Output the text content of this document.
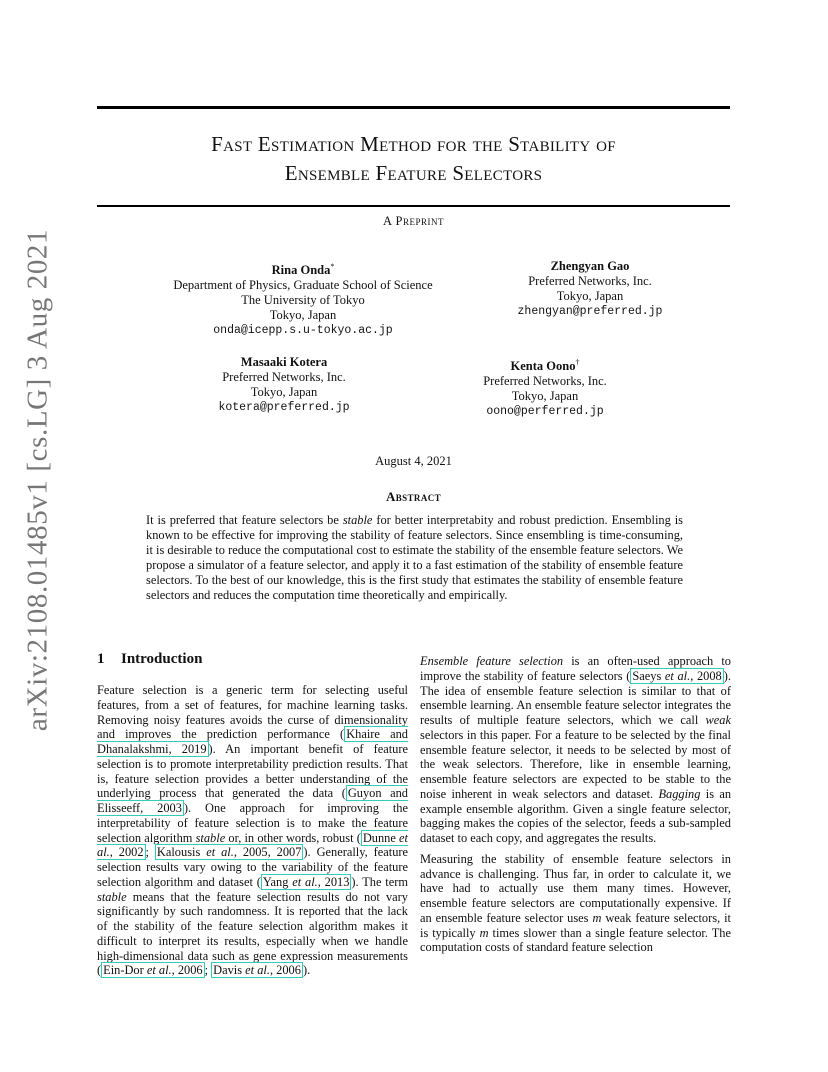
arXiv:2108.01485v1 [cs.LG] 3 Aug 2021
Fast Estimation Method for the Stability of
Ensemble Feature Selectors
A Preprint
Rina Onda*
Department of Physics, Graduate School of Science
The University of Tokyo
Tokyo, Japan
onda@icepp.s.u-tokyo.ac.jp
Zhengyan Gao
Preferred Networks, Inc.
Tokyo, Japan
zhengyan@preferred.jp
Masaaki Kotera
Preferred Networks, Inc.
Tokyo, Japan
kotera@preferred.jp
Kenta Oono†
Preferred Networks, Inc.
Tokyo, Japan
oono@perferred.jp
August 4, 2021
Abstract
It is preferred that feature selectors be stable for better interpretabity and robust prediction. Ensembling is known to be effective for improving the stability of feature selectors. Since ensembling is time-consuming, it is desirable to reduce the computational cost to estimate the stability of the ensemble feature selectors. We propose a simulator of a feature selector, and apply it to a fast estimation of the stability of ensemble feature selectors. To the best of our knowledge, this is the first study that estimates the stability of ensemble feature selectors and reduces the computation time theoretically and empirically.
1 Introduction

Feature selection is a generic term for selecting useful features, from a set of features, for machine learning tasks. Removing noisy features avoids the curse of dimensionality and improves the prediction performance ( Khaire and Dhanalakshmi, 2019 ). An important benefit of feature selection is to promote interpretability prediction results. That is, feature selection provides a better understanding of the underlying process that generated the data ( Guyon and Elisseeff, 2003 ). One approach for improving the interpretability of feature selection is to make the feature selection algorithm stable or, in other words, robust ( Dunne et al., 2002 ; Kalousis et al., 2005, 2007 ). Generally, feature selection results vary owing to the variability of the feature selection algorithm and dataset ( Yang et al., 2013 ). The term stable means that the feature selection results do not vary significantly by such randomness. It is reported that the lack of the stability of the feature selection algorithm makes it difficult to interpret its results, especially when we handle high-dimensional data such as gene expression measurements ( Ein-Dor et al., 2006 ; Davis et al., 2006 ).

Ensemble feature selection is an often-used approach to improve the stability of feature selectors ( Saeys et al., 2008 ). The idea of ensemble feature selection is similar to that of ensemble learning. An ensemble feature selector integrates the results of multiple feature selectors, which we call weak selectors in this paper. For a feature to be selected by the final ensemble feature selector, it needs to be selected by most of the weak selectors. Therefore, like in ensemble learning, ensemble feature selectors are expected to be stable to the noise inherent in weak selectors and dataset. Bagging is an example ensemble algorithm. Given a single feature selector, bagging makes the copies of the selector, feeds a sub-sampled dataset to each copy, and aggregates the results.

Measuring the stability of ensemble feature selectors in advance is challenging. Thus far, in order to calculate it, we have had to actually use them many times. However, ensemble feature selectors are computationally expensive. If an ensemble feature selector uses m weak feature selectors, it is typically m times slower than a single feature selector. The computation costs of standard feature selection
